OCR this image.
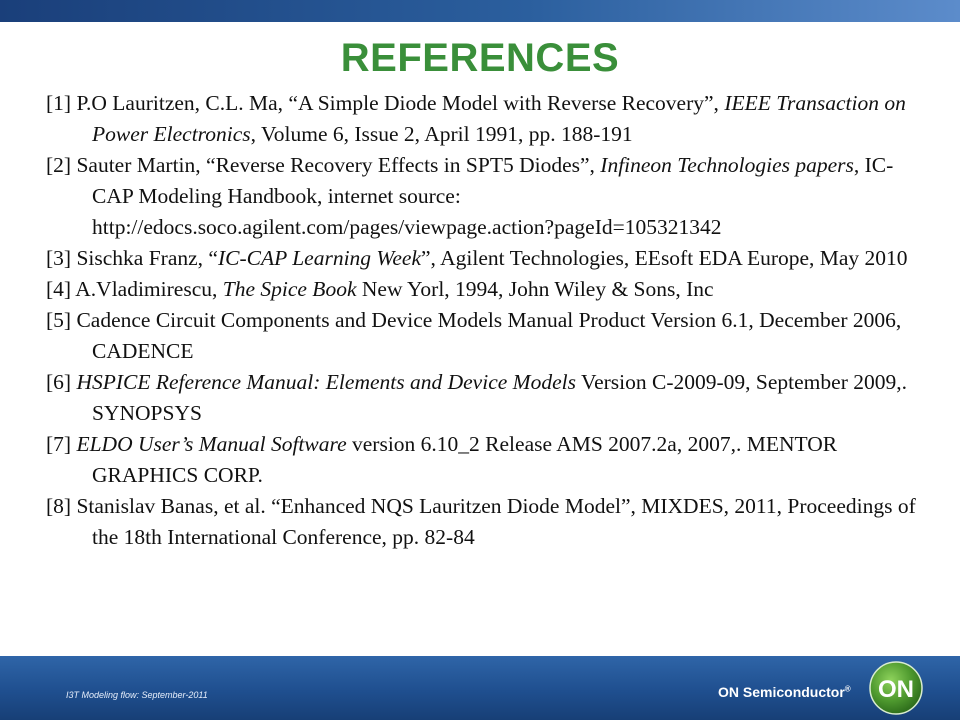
REFERENCES
[1] P.O Lauritzen, C.L. Ma, “A Simple Diode Model with Reverse Recovery”, IEEE Transaction on Power Electronics, Volume 6, Issue 2, April 1991, pp. 188-191
[2] Sauter Martin, “Reverse Recovery Effects in SPT5 Diodes”, Infineon Technologies papers, IC-CAP Modeling Handbook, internet source: http://edocs.soco.agilent.com/pages/viewpage.action?pageId=105321342
[3] Sischka Franz, “IC-CAP Learning Week”, Agilent Technologies, EEsoft EDA Europe, May 2010
[4] A.Vladimirescu, The Spice Book New Yorl, 1994, John Wiley & Sons, Inc
[5] Cadence Circuit Components and Device Models Manual Product Version 6.1, December 2006, CADENCE
[6] HSPICE Reference Manual: Elements and Device Models Version C-2009-09, September 2009,. SYNOPSYS
[7] ELDO User’s Manual Software version 6.10_2 Release AMS 2007.2a, 2007,. MENTOR GRAPHICS CORP.
[8] Stanislav Banas, et al. “Enhanced NQS Lauritzen Diode Model”, MIXDES, 2011, Proceedings of the 18th International Conference, pp. 82-84
I3T Modeling flow: September-2011	ON Semiconductor® ON
